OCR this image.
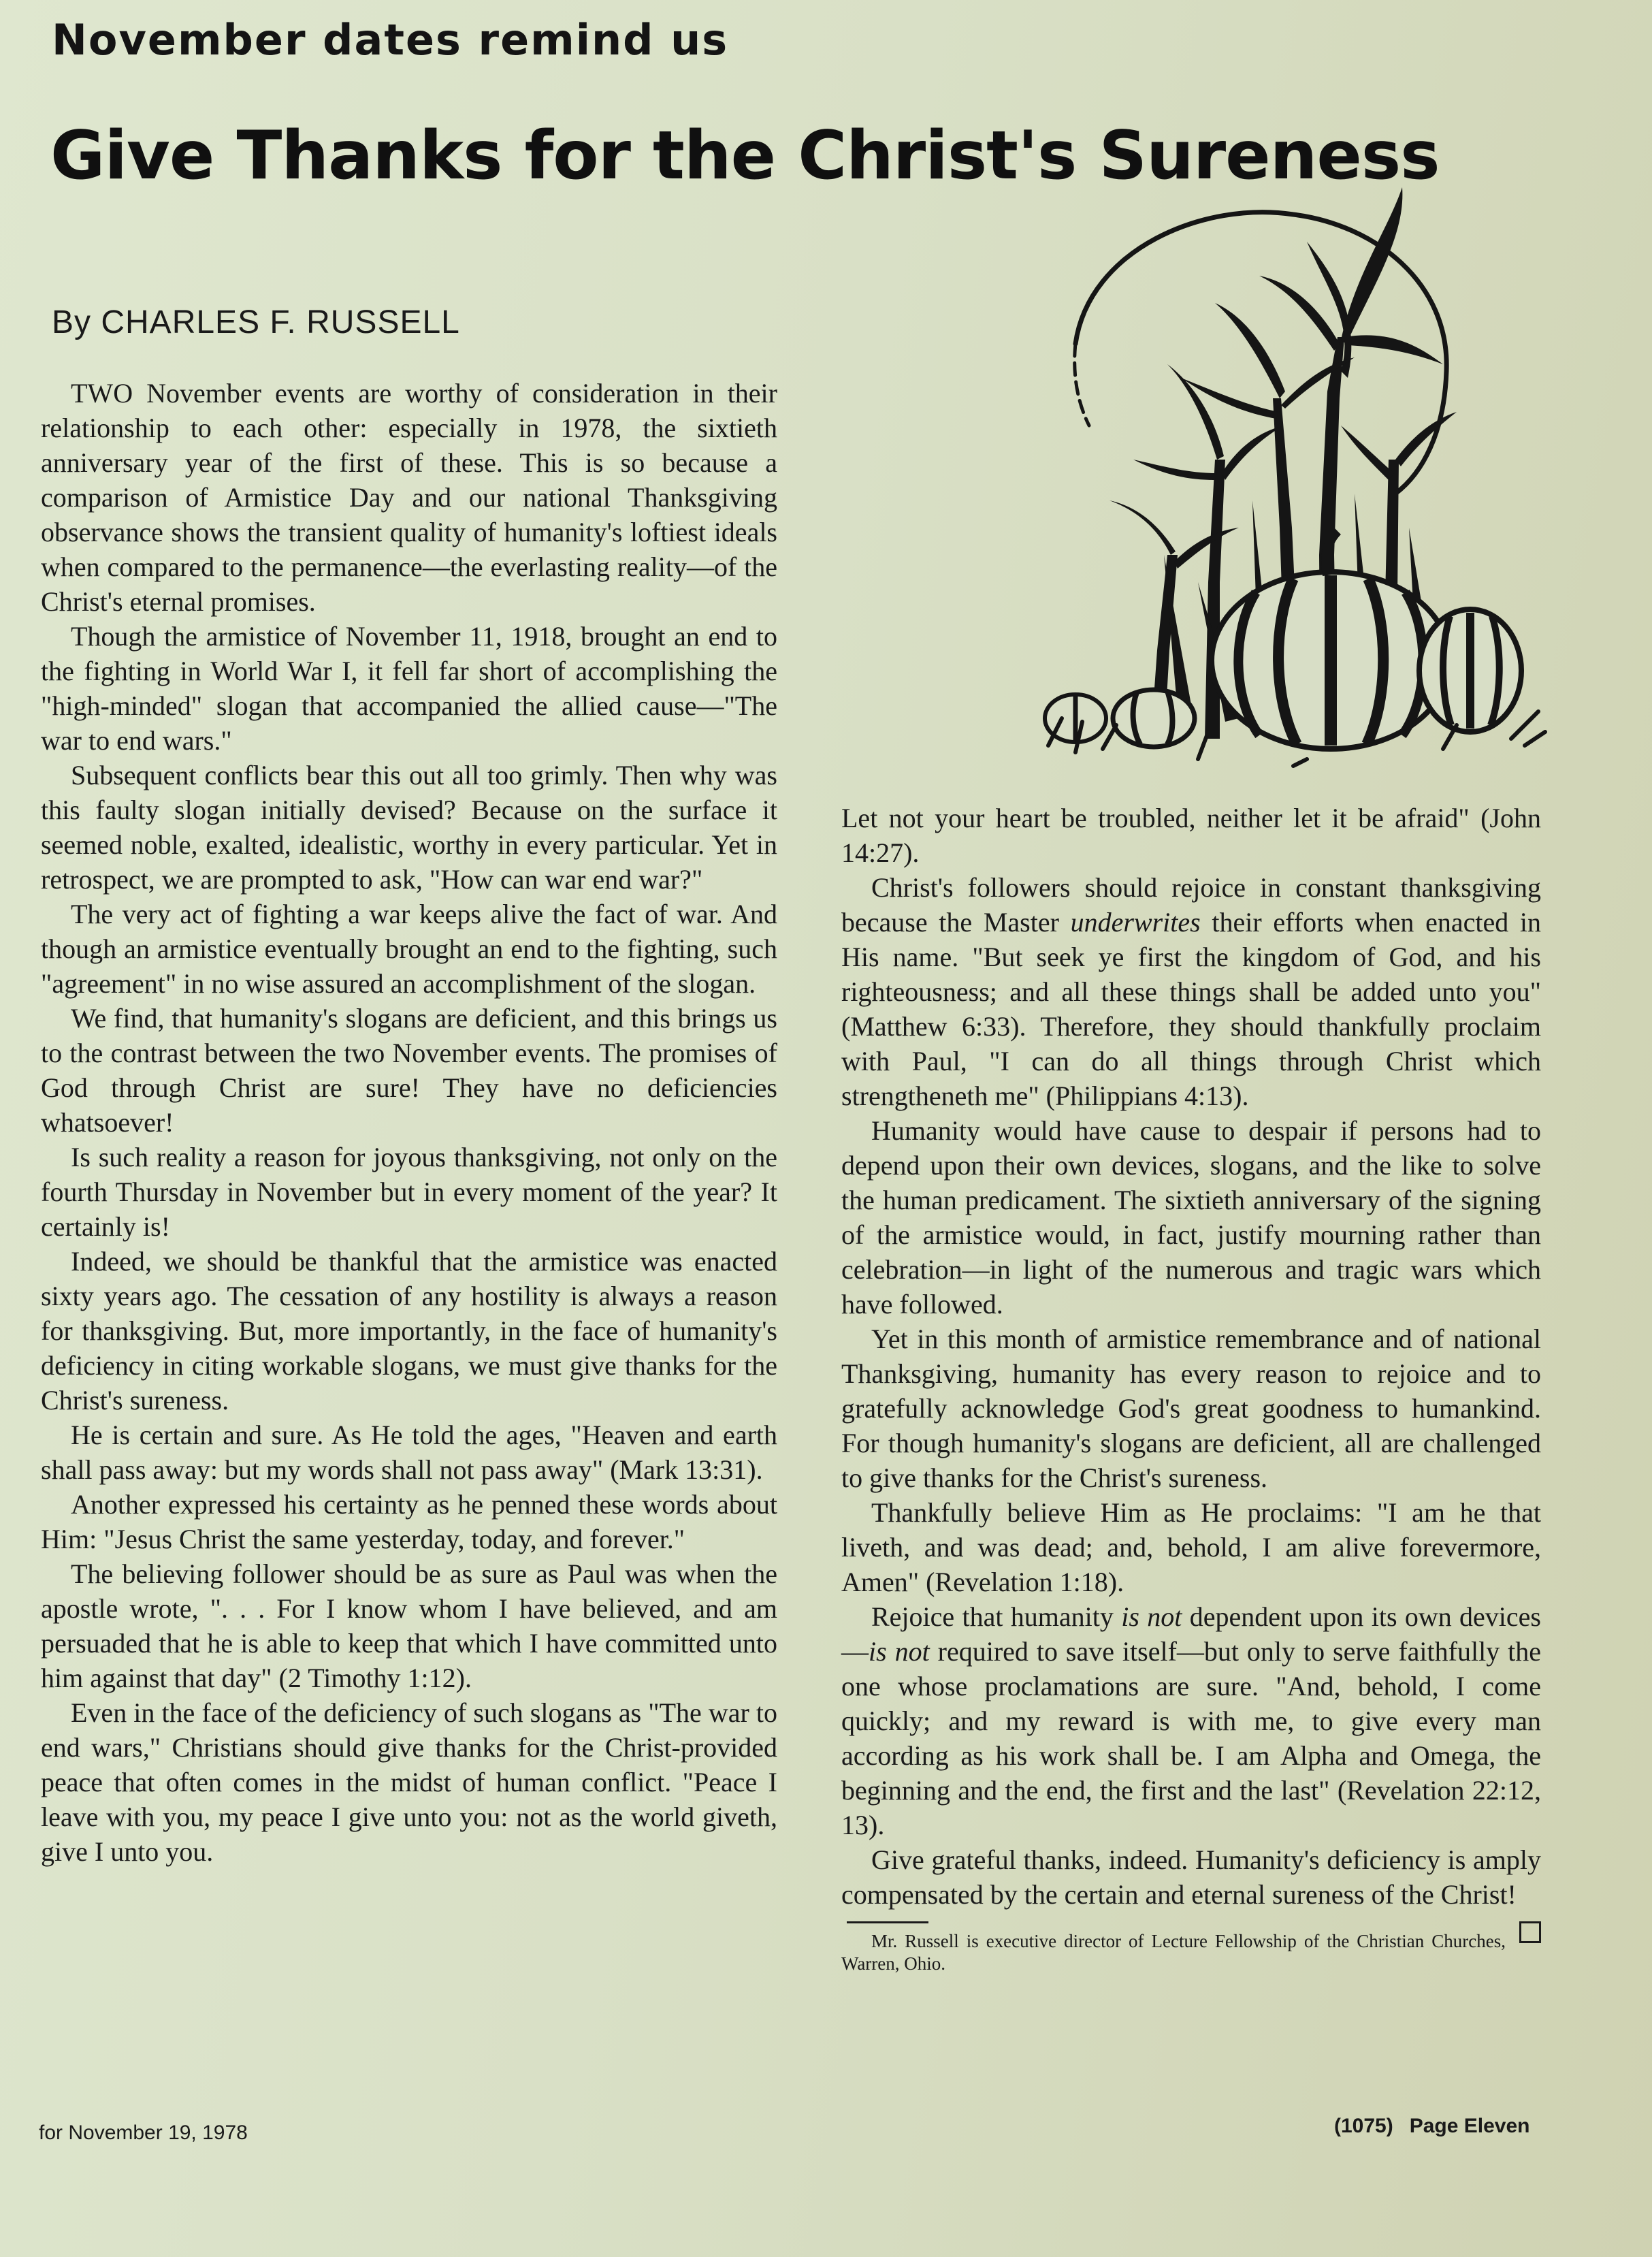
November dates remind us
Give Thanks for the Christ's Sureness
By CHARLES F. RUSSELL

TWO November events are worthy of consideration in their relationship to each other: especially in 1978, the sixtieth anniversary year of the first of these. This is so because a comparison of Armistice Day and our national Thanksgiving observance shows the transient quality of humanity's loftiest ideals when compared to the permanence—the everlasting reality—of the Christ's eternal promises.

Though the armistice of November 11, 1918, brought an end to the fighting in World War I, it fell far short of accomplishing the "high-minded" slogan that accompanied the allied cause—"The war to end wars."

Subsequent conflicts bear this out all too grimly. Then why was this faulty slogan initially devised? Because on the surface it seemed noble, exalted, idealistic, worthy in every particular. Yet in retrospect, we are prompted to ask, "How can war end war?"

The very act of fighting a war keeps alive the fact of war. And though an armistice eventually brought an end to the fighting, such "agreement" in no wise assured an accomplishment of the slogan.

We find, that humanity's slogans are deficient, and this brings us to the contrast between the two November events. The promises of God through Christ are sure! They have no deficiencies whatsoever!

Is such reality a reason for joyous thanksgiving, not only on the fourth Thursday in November but in every moment of the year? It certainly is!

Indeed, we should be thankful that the armistice was enacted sixty years ago. The cessation of any hostility is always a reason for thanksgiving. But, more importantly, in the face of humanity's deficiency in citing workable slogans, we must give thanks for the Christ's sureness.

He is certain and sure. As He told the ages, "Heaven and earth shall pass away: but my words shall not pass away" (Mark 13:31).

Another expressed his certainty as he penned these words about Him: "Jesus Christ the same yesterday, today, and forever."

The believing follower should be as sure as Paul was when the apostle wrote, ". . . For I know whom I have believed, and am persuaded that he is able to keep that which I have committed unto him against that day" (2 Timothy 1:12).

Even in the face of the deficiency of such slogans as "The war to end wars," Christians should give thanks for the Christ-provided peace that often comes in the midst of human conflict. "Peace I leave with you, my peace I give unto you: not as the world giveth, give I unto you.

Let not your heart be troubled, neither let it be afraid" (John 14:27).

Christ's followers should rejoice in constant thanksgiving because the Master underwrites their efforts when enacted in His name. "But seek ye first the kingdom of God, and his righteousness; and all these things shall be added unto you" (Matthew 6:33). Therefore, they should thankfully proclaim with Paul, "I can do all things through Christ which strengtheneth me" (Philippians 4:13).

Humanity would have cause to despair if persons had to depend upon their own devices, slogans, and the like to solve the human predicament. The sixtieth anniversary of the signing of the armistice would, in fact, justify mourning rather than celebration—in light of the numerous and tragic wars which have followed.

Yet in this month of armistice remembrance and of national Thanksgiving, humanity has every reason to rejoice and to gratefully acknowledge God's great goodness to humankind. For though humanity's slogans are deficient, all are challenged to give thanks for the Christ's sureness.

Thankfully believe Him as He proclaims: "I am he that liveth, and was dead; and, behold, I am alive forevermore, Amen" (Revelation 1:18).

Rejoice that humanity is not dependent upon its own devices—is not required to save itself—but only to serve faithfully the one whose proclamations are sure. "And, behold, I come quickly; and my reward is with me, to give every man according as his work shall be. I am Alpha and Omega, the beginning and the end, the first and the last" (Revelation 22:12, 13).

Give grateful thanks, indeed. Humanity's deficiency is amply compensated by the certain and eternal sureness of the Christ!

Mr. Russell is executive director of Lecture Fellowship of the Christian Churches, Warren, Ohio.

for November 19, 1978	(1075) Page Eleven
